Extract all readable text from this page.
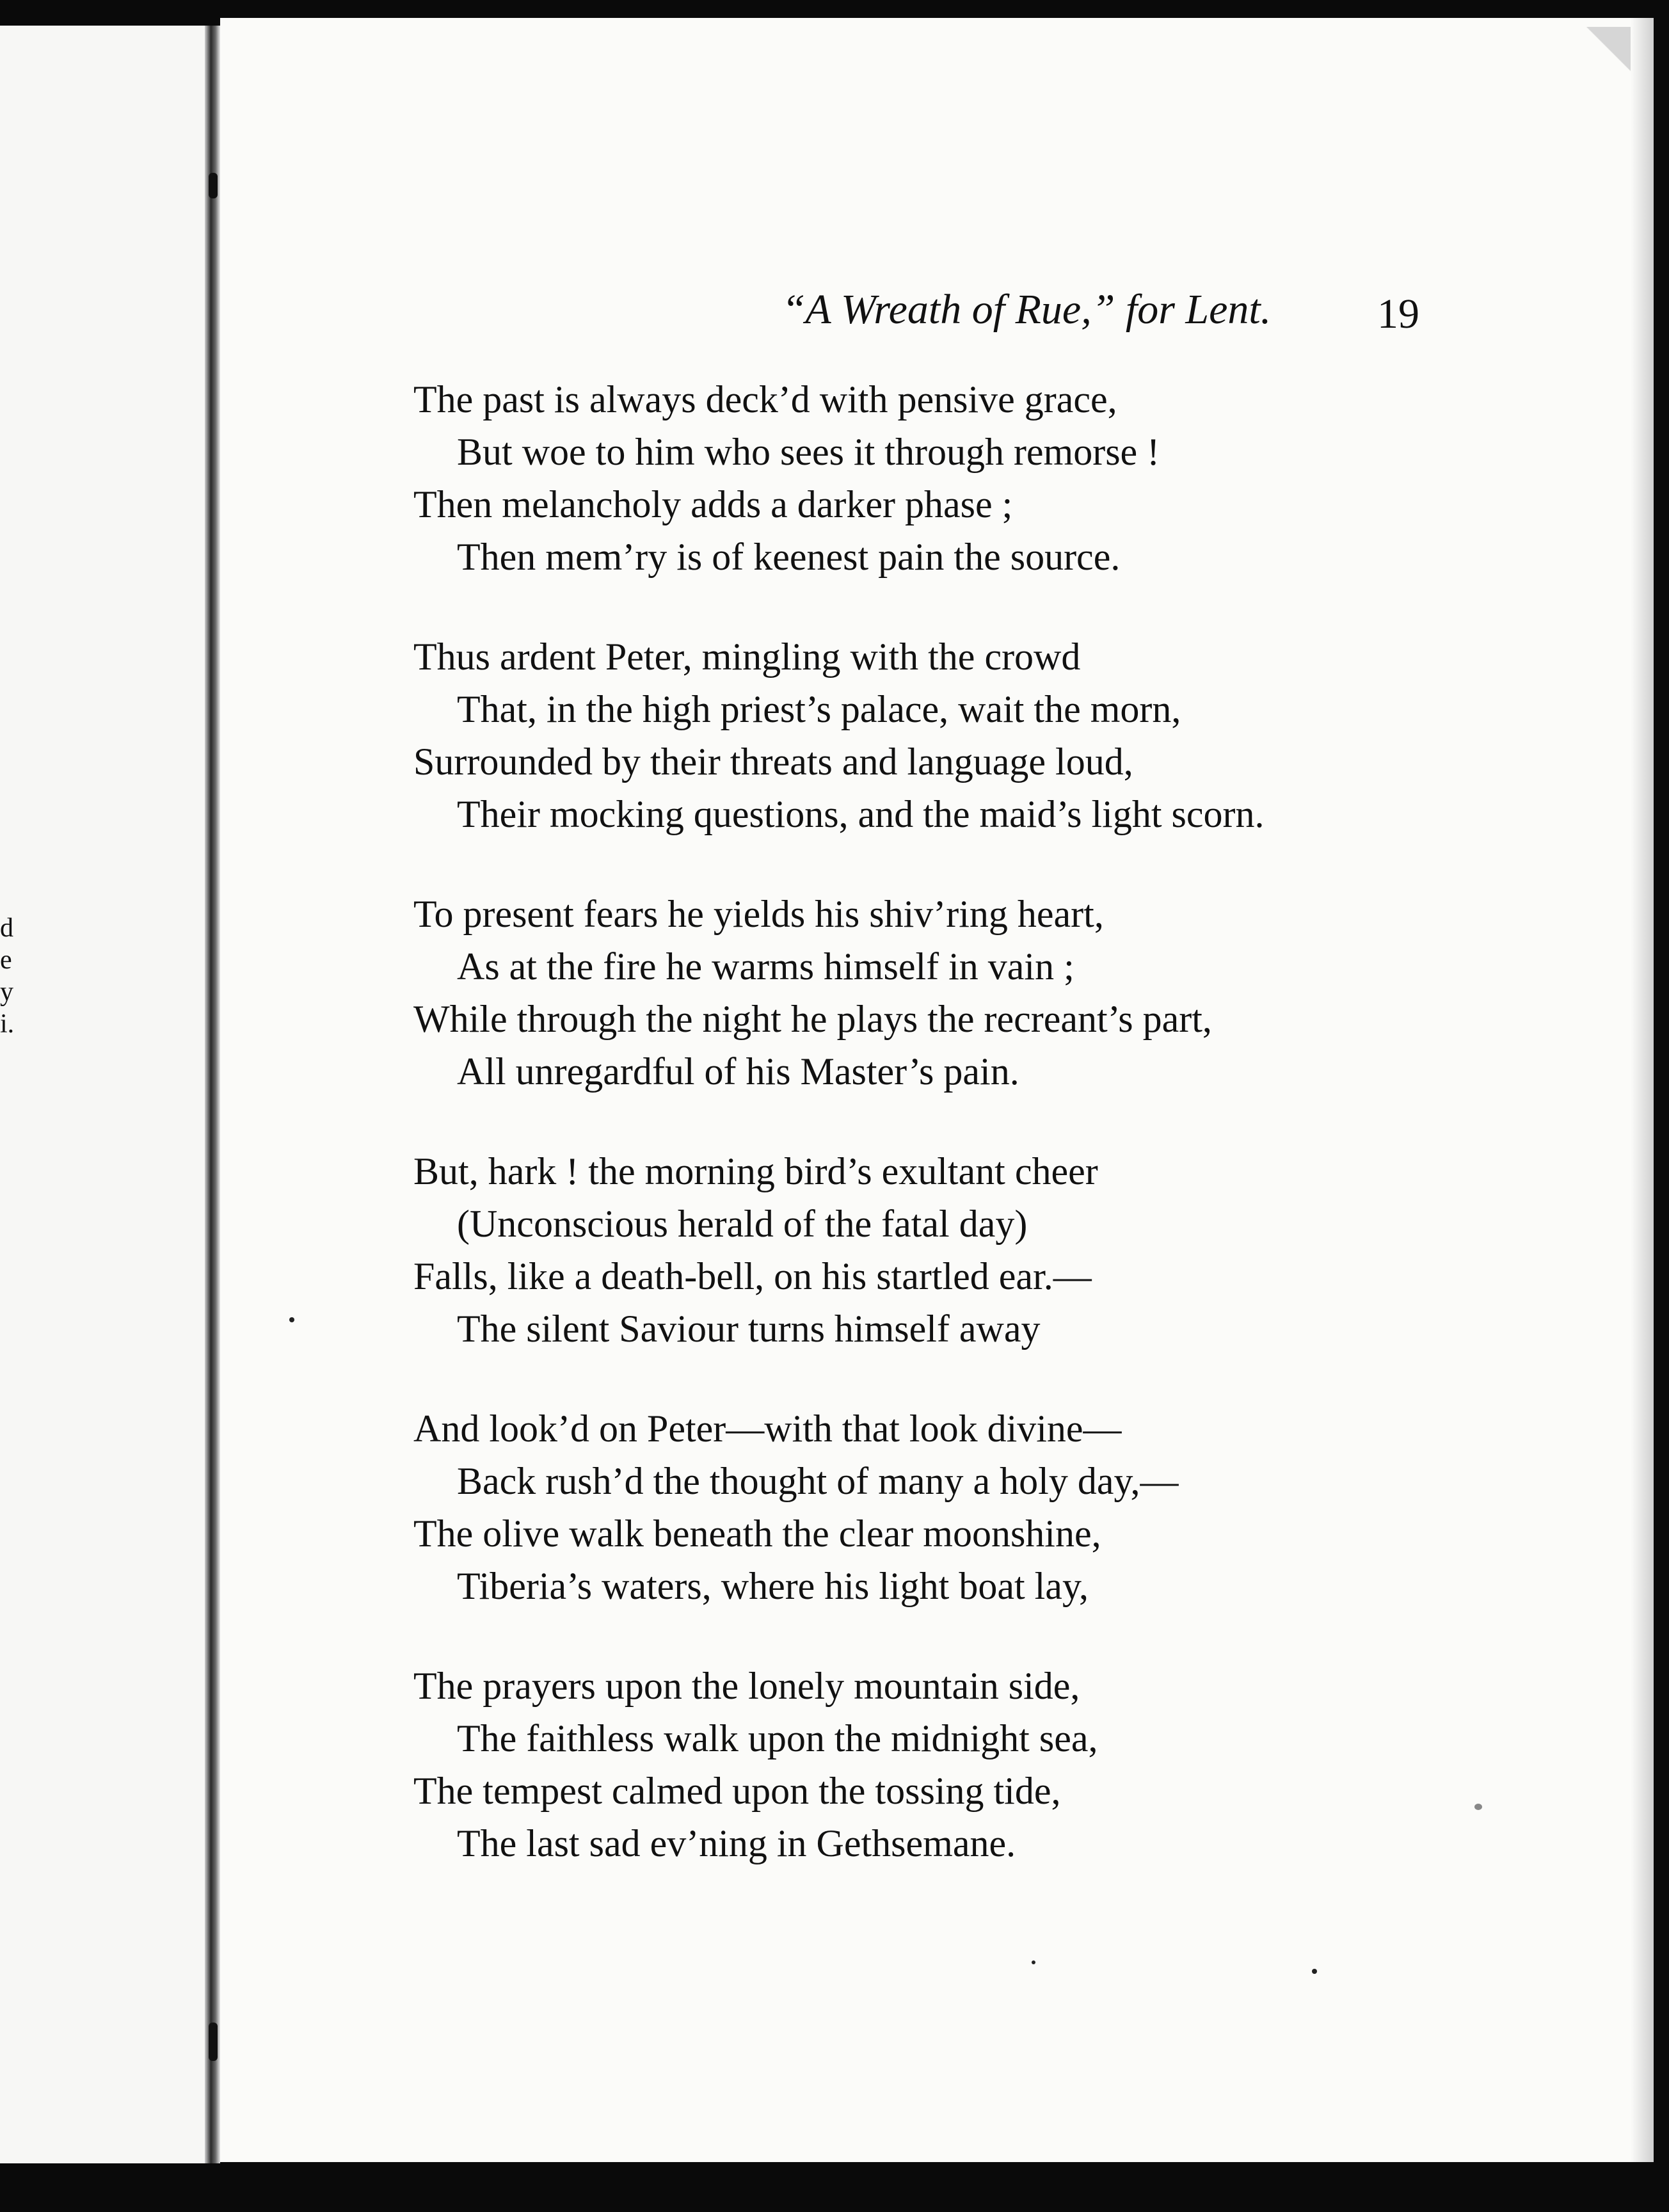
d
e
y
i.
“A Wreath of Rue,” for Lent.	19
The past is always deck’d with pensive grace,
But woe to him who sees it through remorse !
Then melancholy adds a darker phase ;
Then mem’ry is of keenest pain the source.
Thus ardent Peter, mingling with the crowd
That, in the high priest’s palace, wait the morn,
Surrounded by their threats and language loud,
Their mocking questions, and the maid’s light scorn.
To present fears he yields his shiv’ring heart,
As at the fire he warms himself in vain ;
While through the night he plays the recreant’s part,
All unregardful of his Master’s pain.
But, hark ! the morning bird’s exultant cheer
(Unconscious herald of the fatal day)
Falls, like a death-bell, on his startled ear.—
The silent Saviour turns himself away
And look’d on Peter—with that look divine—
Back rush’d the thought of many a holy day,—
The olive walk beneath the clear moonshine,
Tiberia’s waters, where his light boat lay,
The prayers upon the lonely mountain side,
The faithless walk upon the midnight sea,
The tempest calmed upon the tossing tide,
The last sad ev’ning in Gethsemane.
